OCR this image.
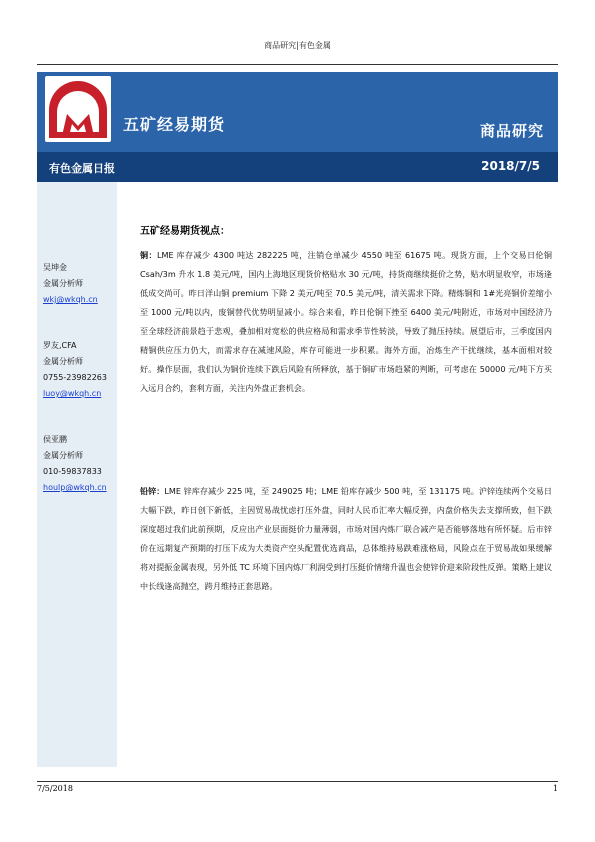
商品研究|有色金属
五矿经易期货	商品研究
有色金属日报	2018/7/5
吴坤金
金属分析师
wkj@wkqh.cn
罗友,CFA
金属分析师
0755-23982263
luoy@wkqh.cn
侯亚鹏
金属分析师
010-59837833
houlp@wkqh.cn
五矿经易期货视点：
铜：LME 库存减少 4300 吨达 282225 吨，注销仓单减少 4550 吨至 61675 吨。现货方面，上个交易日伦铜 Csah/3m 升水 1.8 美元/吨，国内上海地区现货价格贴水 30 元/吨，持货商继续挺价之势，贴水明显收窄，市场逢低成交尚可。昨日洋山铜 premium 下降 2 美元/吨至 70.5 美元/吨，清关需求下降。精炼铜和 1#光亮铜价差缩小至 1000 元/吨以内，废铜替代优势明显减小。综合来看，昨日伦铜下挫至 6400 美元/吨附近，市场对中国经济乃至全球经济前景趋于悲观，叠加相对宽松的供应格局和需求季节性转淡，导致了抛压持续。展望后市，三季度国内精铜供应压力仍大，而需求存在减速风险，库存可能进一步积累。海外方面，冶炼生产干扰继续，基本面相对较好。操作层面，我们认为铜价连续下跌后风险有所释放，基于铜矿市场趋紧的判断，可考虑在 50000 元/吨下方买入远月合约，套利方面，关注内外盘正套机会。
铅锌：LME 锌库存减少 225 吨，至 249025 吨；LME 铅库存减少 500 吨，至 131175 吨。沪锌连续两个交易日大幅下跌，昨日创下新低，主因贸易战忧虑打压外盘，同时人民币汇率大幅反弹，内盘价格失去支撑所致，但下跌深度超过我们此前预期，反应出产业层面挺价力量薄弱，市场对国内炼厂联合减产是否能够落地有所怀疑。后市锌价在远期复产预期的打压下成为大类资产空头配置优选商品，总体维持易跌难涨格局，风险点在于贸易战如果缓解将对提振金属表现，另外低 TC 环境下国内炼厂利润受到打压挺价情绪升温也会使锌价迎来阶段性反弹。策略上建议中长线逢高抛空，跨月维持正套思路。
7/5/2018	1
